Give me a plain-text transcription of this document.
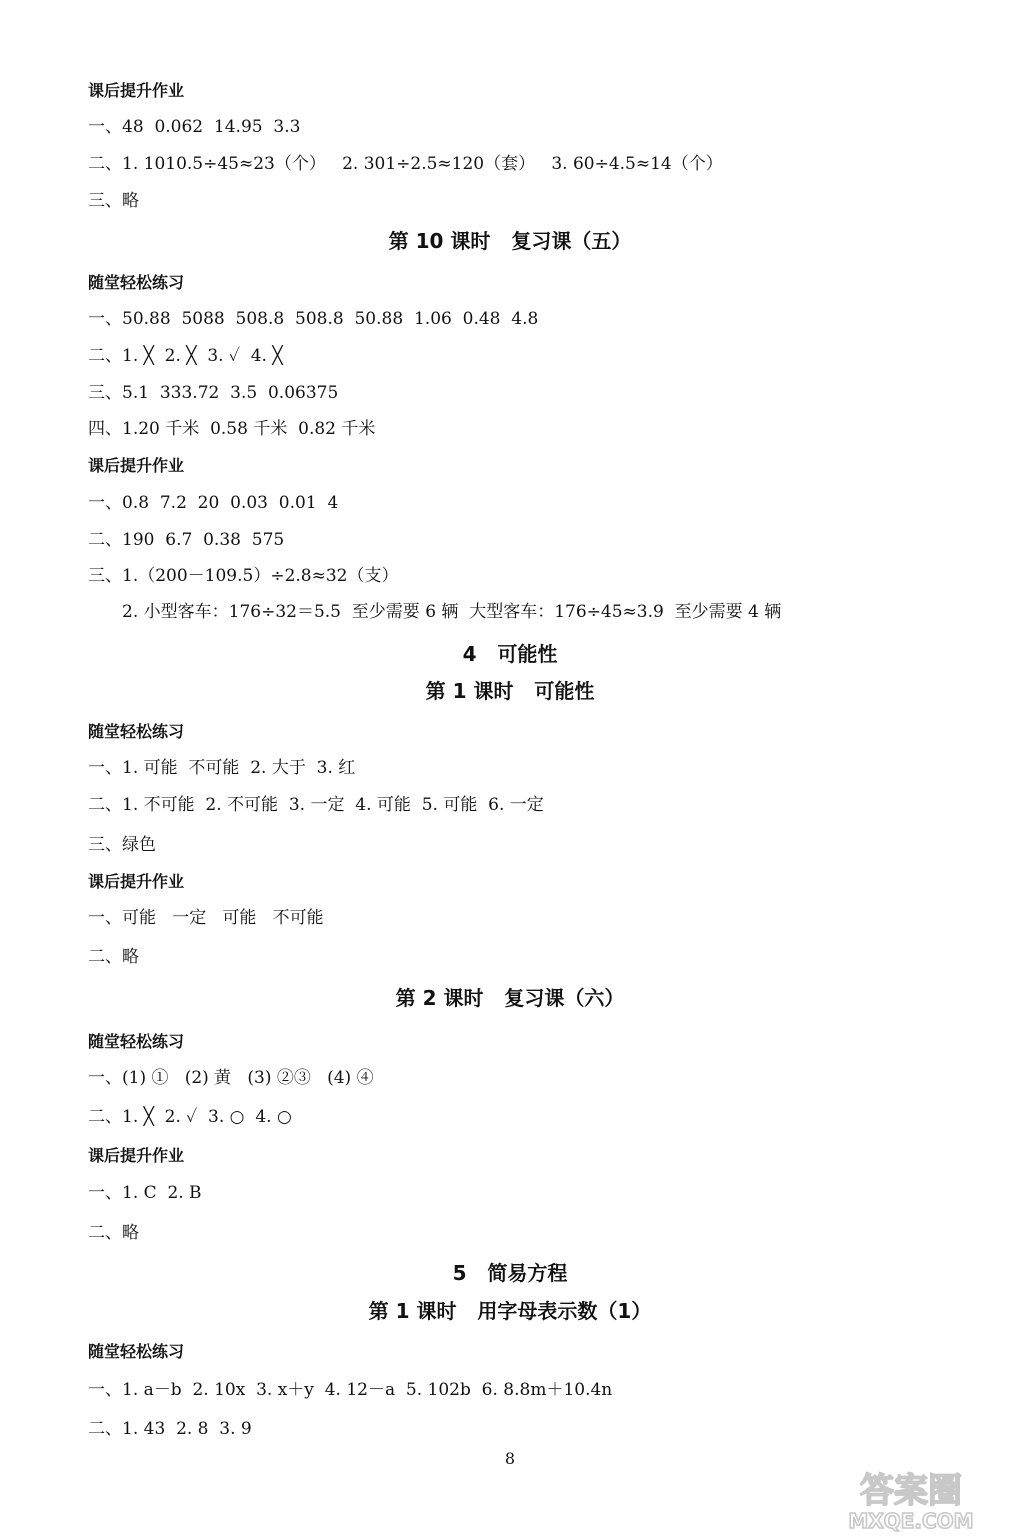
课后提升作业
一、48  0.062  14.95  3.3
二、1. 1010.5÷45≈23（个）   2. 301÷2.5≈120（套）   3. 60÷4.5≈14（个）
三、略
第 10 课时   复习课（五）
随堂轻松练习
一、50.88  5088  508.8  508.8  50.88  1.06  0.48  4.8
二、1. ╳  2. ╳  3. ✓  4. ╳
三、5.1  333.72  3.5  0.06375
四、1.20 千米  0.58 千米  0.82 千米
课后提升作业
一、0.8  7.2  20  0.03  0.01  4
二、190  6.7  0.38  575
三、1.（200－109.5）÷2.8≈32（支）
2. 小型客车：176÷32＝5.5  至少需要 6 辆  大型客车：176÷45≈3.9  至少需要 4 辆
4   可能性
第 1 课时   可能性
随堂轻松练习
一、1. 可能  不可能  2. 大于  3. 红
二、1. 不可能  2. 不可能  3. 一定  4. 可能  5. 可能  6. 一定
三、绿色
课后提升作业
一、可能   一定   可能   不可能
二、略
第 2 课时   复习课（六）
随堂轻松练习
一、(1) ①   (2) 黄   (3) ②③   (4) ④
二、1. ╳  2. ✓  3. ○  4. ○
课后提升作业
一、1. C  2. B
二、略
5   简易方程
第 1 课时   用字母表示数（1）
随堂轻松练习
一、1. a－b  2. 10x  3. x＋y  4. 12－a  5. 102b  6. 8.8m＋10.4n
二、1. 43  2. 8  3. 9
8
答案圈
MXQE.COM
